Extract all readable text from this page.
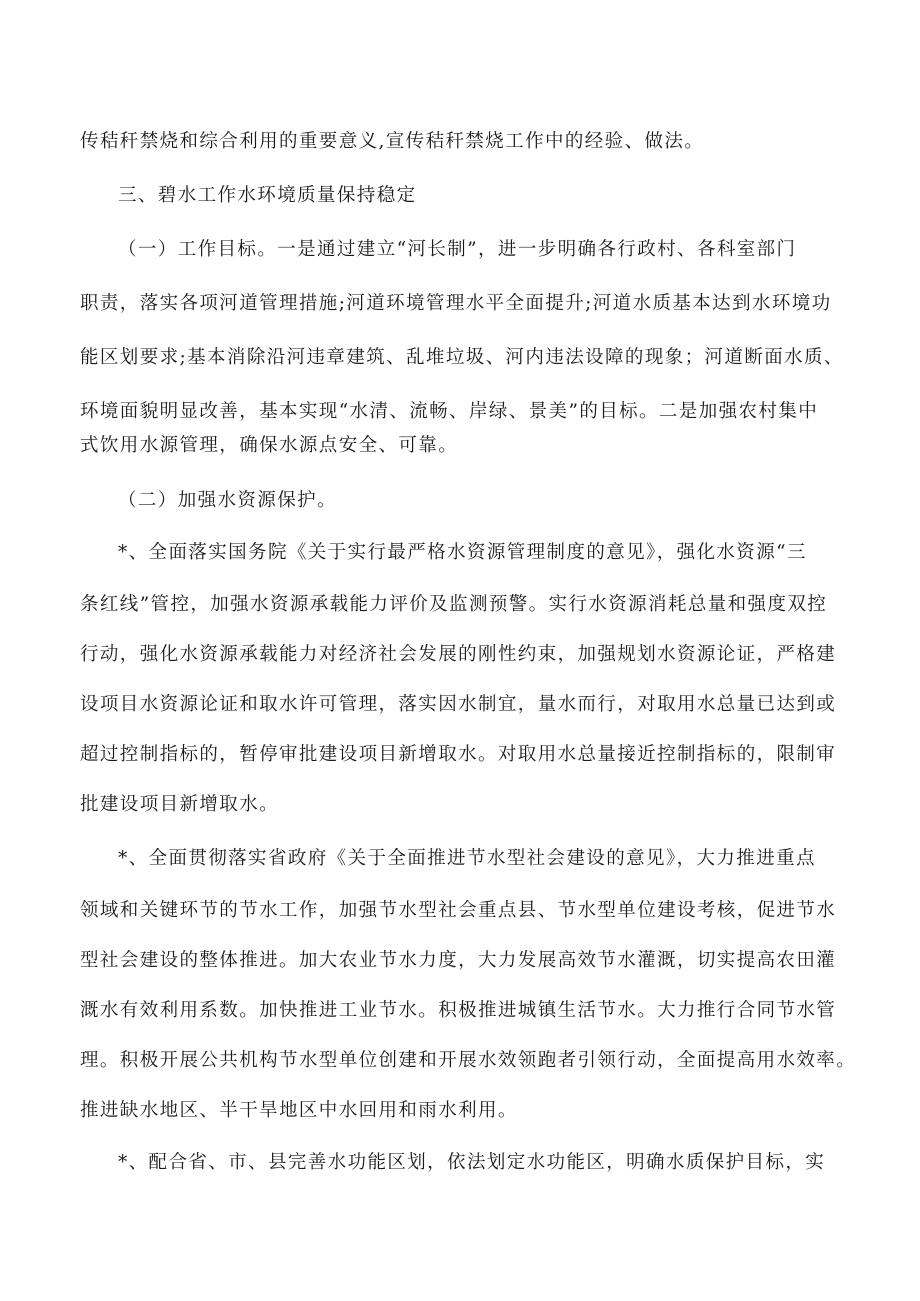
传秸秆禁烧和综合利用的重要意义,宣传秸秆禁烧工作中的经验、做法。
三、碧水工作水环境质量保持稳定
（一）工作目标。一是通过建立“河长制”，进一步明确各行政村、各科室部门
职责，落实各项河道管理措施;河道环境管理水平全面提升;河道水质基本达到水环境功
能区划要求;基本消除沿河违章建筑、乱堆垃圾、河内违法设障的现象；河道断面水质、
环境面貌明显改善，基本实现“水清、流畅、岸绿、景美”的目标。二是加强农村集中
式饮用水源管理，确保水源点安全、可靠。
（二）加强水资源保护。
*、全面落实国务院《关于实行最严格水资源管理制度的意见》，强化水资源“三
条红线”管控，加强水资源承载能力评价及监测预警。实行水资源消耗总量和强度双控
行动，强化水资源承载能力对经济社会发展的刚性约束，加强规划水资源论证，严格建
设项目水资源论证和取水许可管理，落实因水制宜，量水而行，对取用水总量已达到或
超过控制指标的，暂停审批建设项目新增取水。对取用水总量接近控制指标的，限制审
批建设项目新增取水。
*、全面贯彻落实省政府《关于全面推进节水型社会建设的意见》，大力推进重点
领域和关键环节的节水工作，加强节水型社会重点县、节水型单位建设考核，促进节水
型社会建设的整体推进。加大农业节水力度，大力发展高效节水灌溉，切实提高农田灌
溉水有效利用系数。加快推进工业节水。积极推进城镇生活节水。大力推行合同节水管
理。积极开展公共机构节水型单位创建和开展水效领跑者引领行动，全面提高用水效率。
推进缺水地区、半干旱地区中水回用和雨水利用。
*、配合省、市、县完善水功能区划，依法划定水功能区，明确水质保护目标，实
